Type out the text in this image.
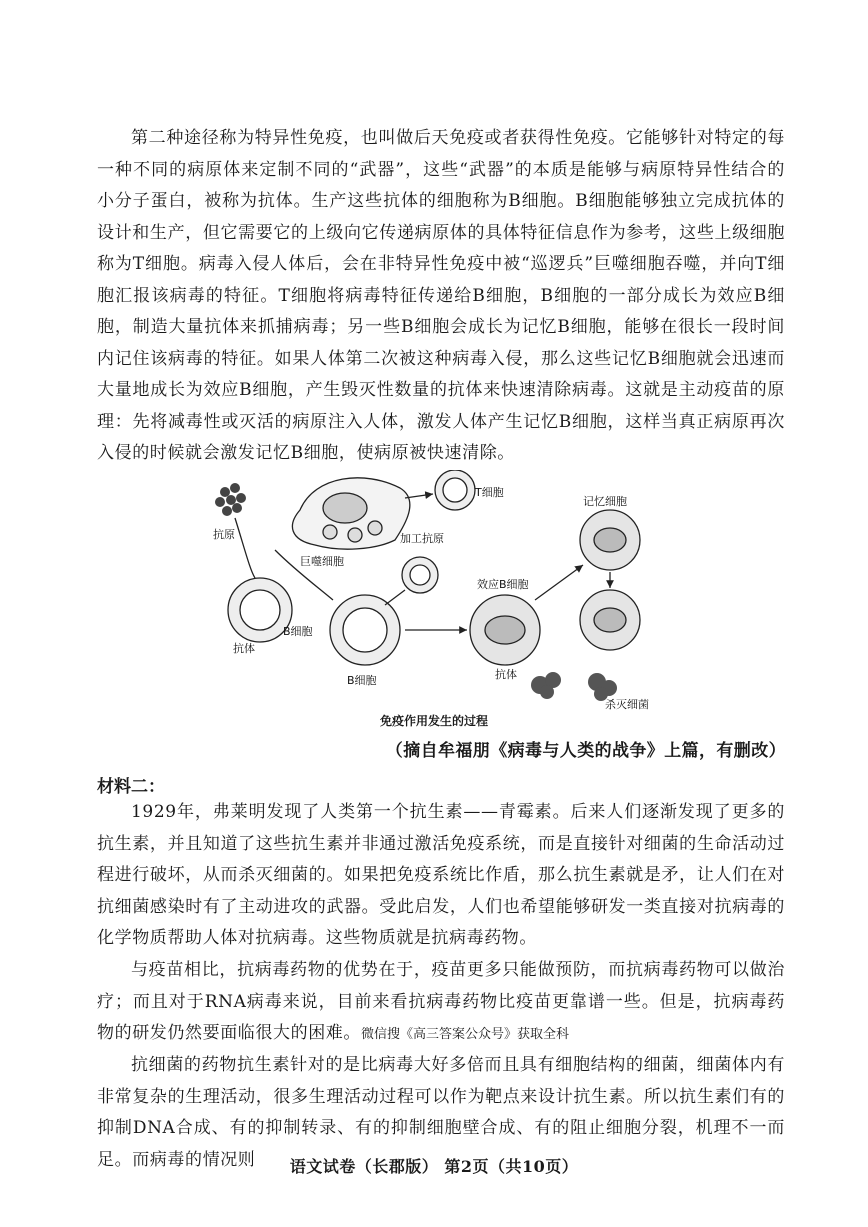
第二种途径称为特异性免疫，也叫做后天免疫或者获得性免疫。它能够针对特定的每一种不同的病原体来定制不同的“武器”，这些“武器”的本质是能够与病原特异性结合的小分子蛋白，被称为抗体。生产这些抗体的细胞称为B细胞。B细胞能够独立完成抗体的设计和生产，但它需要它的上级向它传递病原体的具体特征信息作为参考，这些上级细胞称为T细胞。病毒入侵人体后，会在非特异性免疫中被“巡逻兵”巨噬细胞吞噬，并向T细胞汇报该病毒的特征。T细胞将病毒特征传递给B细胞，B细胞的一部分成长为效应B细胞，制造大量抗体来抓捕病毒；另一些B细胞会成长为记忆B细胞，能够在很长一段时间内记住该病毒的特征。如果人体第二次被这种病毒入侵，那么这些记忆B细胞就会迅速而大量地成长为效应B细胞，产生毁灭性数量的抗体来快速清除病毒。这就是主动疫苗的原理：先将减毒性或灭活的病原注入人体，激发人体产生记忆B细胞，这样当真正病原再次入侵的时候就会激发记忆B细胞，使病原被快速清除。

T细胞
抗原
巨噬细胞
加工抗原
记忆细胞
效应B细胞
B细胞
抗体
B细胞	抗体
杀灭细菌
免疫作用发生的过程
（摘自牟福朋《病毒与人类的战争》上篇，有删改）
材料二：

1929年，弗莱明发现了人类第一个抗生素——青霉素。后来人们逐渐发现了更多的抗生素，并且知道了这些抗生素并非通过激活免疫系统，而是直接针对细菌的生命活动过程进行破坏，从而杀灭细菌的。如果把免疫系统比作盾，那么抗生素就是矛，让人们在对抗细菌感染时有了主动进攻的武器。受此启发，人们也希望能够研发一类直接对抗病毒的化学物质帮助人体对抗病毒。这些物质就是抗病毒药物。

与疫苗相比，抗病毒药物的优势在于，疫苗更多只能做预防，而抗病毒药物可以做治疗；而且对于RNA病毒来说，目前来看抗病毒药物比疫苗更靠谱一些。但是，抗病毒药物的研发仍然要面临很大的困难。微信搜《高三答案公众号》获取全科

抗细菌的药物抗生素针对的是比病毒大好多倍而且具有细胞结构的细菌，细菌体内有非常复杂的生理活动，很多生理活动过程可以作为靶点来设计抗生素。所以抗生素们有的抑制DNA合成、有的抑制转录、有的抑制细胞壁合成、有的阻止细胞分裂，机理不一而足。而病毒的情况则	语文试卷（长郡版） 第2页（共10页）
